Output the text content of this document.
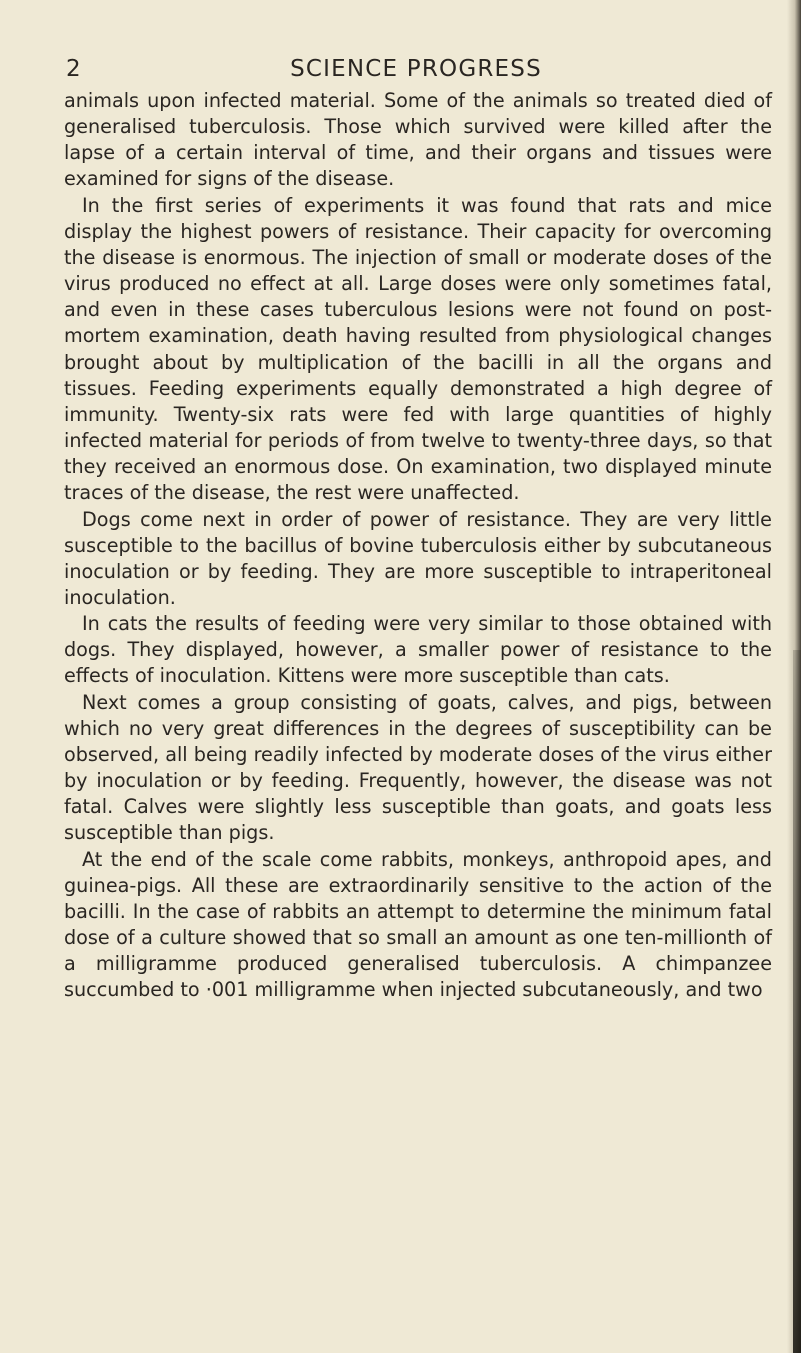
2	SCIENCE PROGRESS

animals upon infected material. Some of the animals so treated died of generalised tuberculosis. Those which survived were killed after the lapse of a certain interval of time, and their organs and tissues were examined for signs of the disease.

In the first series of experiments it was found that rats and mice display the highest powers of resistance. Their capacity for overcoming the disease is enormous. The injection of small or moderate doses of the virus produced no effect at all. Large doses were only sometimes fatal, and even in these cases tuberculous lesions were not found on post-mortem examination, death having resulted from physiological changes brought about by multiplication of the bacilli in all the organs and tissues. Feeding experiments equally demonstrated a high degree of immunity. Twenty-six rats were fed with large quantities of highly infected material for periods of from twelve to twenty-three days, so that they received an enormous dose. On examination, two displayed minute traces of the disease, the rest were unaffected.

Dogs come next in order of power of resistance. They are very little susceptible to the bacillus of bovine tuberculosis either by subcutaneous inoculation or by feeding. They are more susceptible to intraperitoneal inoculation.

In cats the results of feeding were very similar to those obtained with dogs. They displayed, however, a smaller power of resistance to the effects of inoculation. Kittens were more susceptible than cats.

Next comes a group consisting of goats, calves, and pigs, between which no very great differences in the degrees of susceptibility can be observed, all being readily infected by moderate doses of the virus either by inoculation or by feeding. Frequently, however, the disease was not fatal. Calves were slightly less susceptible than goats, and goats less susceptible than pigs.

At the end of the scale come rabbits, monkeys, anthropoid apes, and guinea-pigs. All these are extraordinarily sensitive to the action of the bacilli. In the case of rabbits an attempt to determine the minimum fatal dose of a culture showed that so small an amount as one ten-millionth of a milligramme produced generalised tuberculosis. A chimpanzee succumbed to ·001 milligramme when injected subcutaneously, and two
